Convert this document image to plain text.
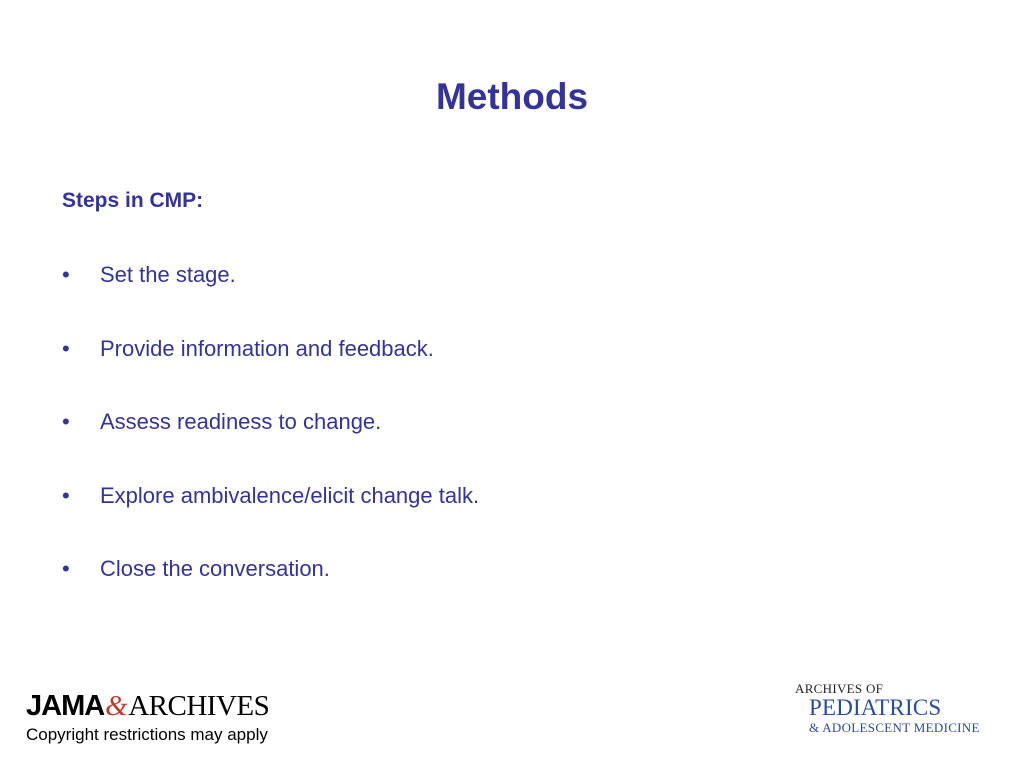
Methods
Steps in CMP:
•	Set the stage.
•	Provide information and feedback.
•	Assess readiness to change.
•	Explore ambivalence/elicit change talk.
•	Close the conversation.
JAMA&ARCHIVES
Copyright restrictions may apply
ARCHIVES OF
PEDIATRICS
& ADOLESCENT MEDICINE
